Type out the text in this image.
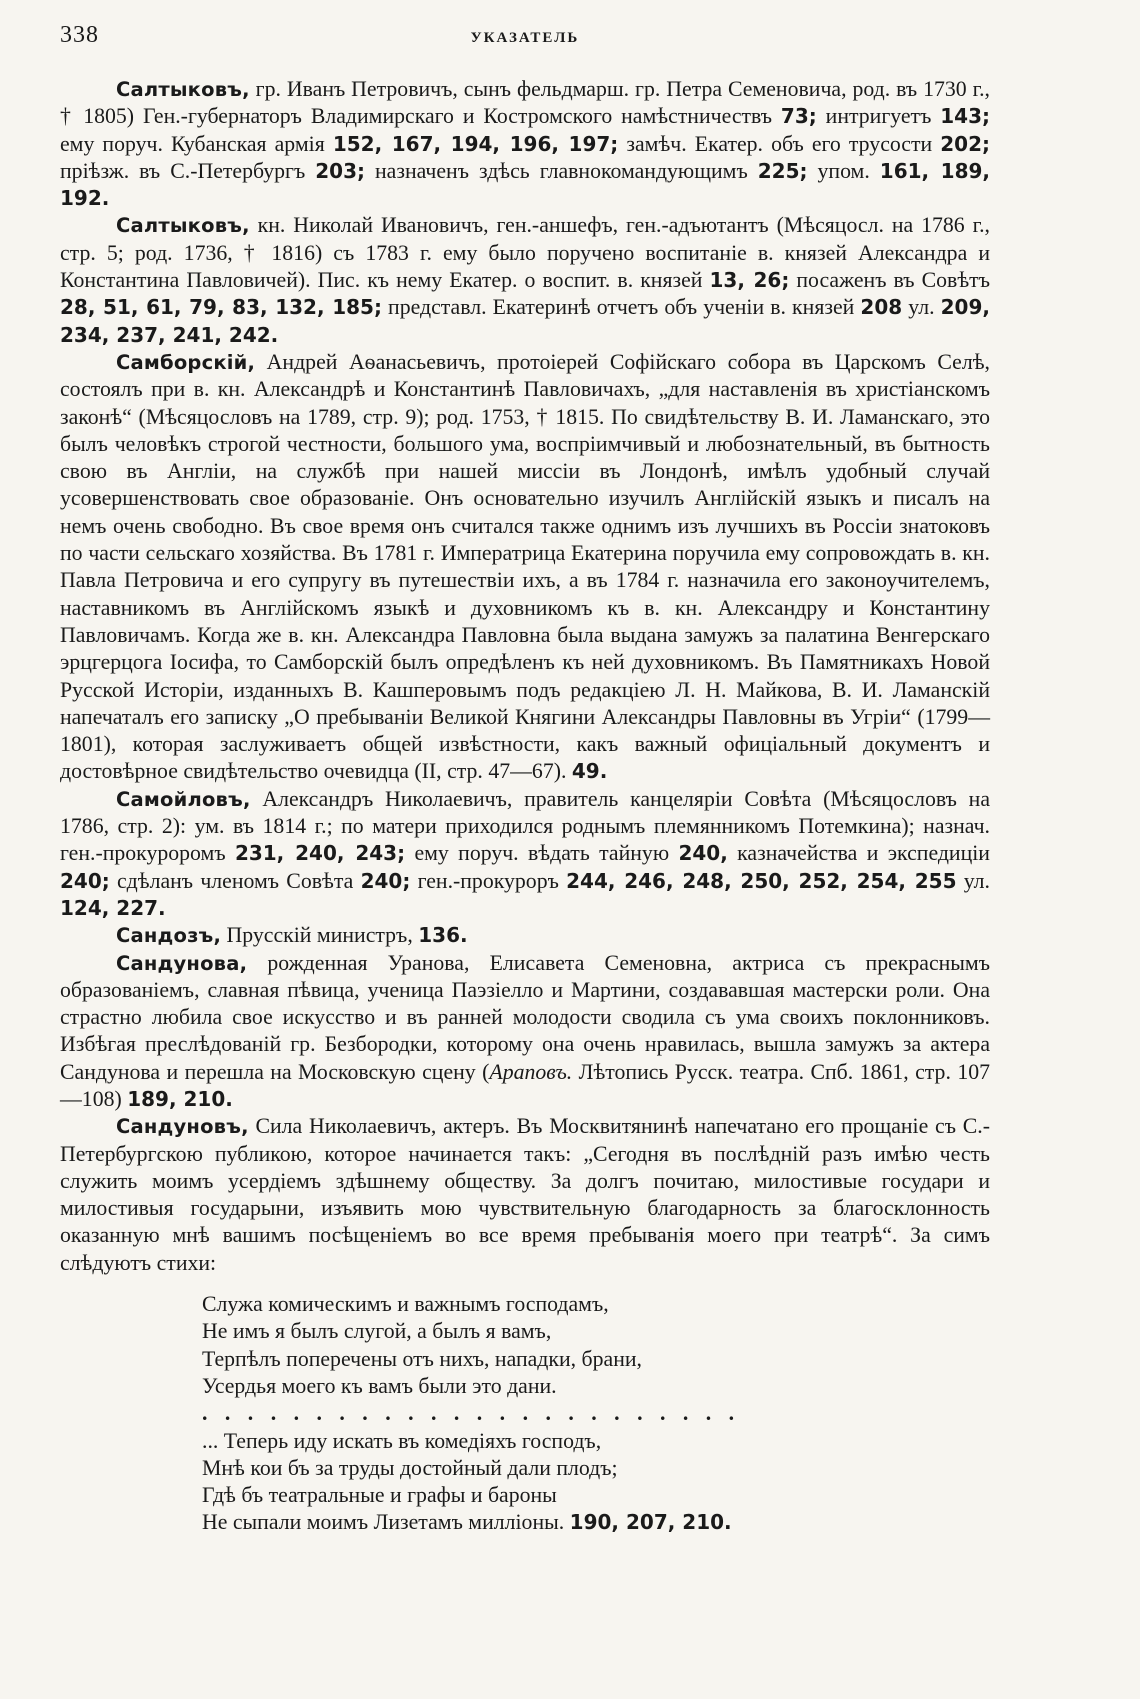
338	УКАЗАТЕЛЬ

Салтыковъ, гр. Иванъ Петровичъ, сынъ фельдмарш. гр. Петра Семеновича, род. въ 1730 г., † 1805) Ген.-губернаторъ Владимирскаго и Костромского намѣстничествъ 73; интригуетъ 143; ему поруч. Кубанская армія 152, 167, 194, 196, 197; замѣч. Екатер. объ его трусости 202; пріѣзж. въ С.-Петербургъ 203; назначенъ здѣсь главнокомандующимъ 225; упом. 161, 189, 192.

Салтыковъ, кн. Николай Ивановичъ, ген.-аншефъ, ген.-адъютантъ (Мѣсяцосл. на 1786 г., стр. 5; род. 1736, † 1816) съ 1783 г. ему было поручено воспитаніе в. князей Александра и Константина Павловичей). Пис. къ нему Екатер. о воспит. в. князей 13, 26; посаженъ въ Совѣтъ 28, 51, 61, 79, 83, 132, 185; представл. Екатеринѣ отчетъ объ ученіи в. князей 208 ул. 209, 234, 237, 241, 242.

Самборскій, Андрей Аѳанасьевичъ, протоіерей Софійскаго собора въ Царскомъ Селѣ, состоялъ при в. кн. Александрѣ и Константинѣ Павловичахъ, „для наставленія въ христіанскомъ законѣ“ (Мѣсяцословъ на 1789, стр. 9); род. 1753, † 1815. По свидѣтельству В. И. Ламанскаго, это былъ человѣкъ строгой честности, большого ума, воспріимчивый и любознательный, въ бытность свою въ Англіи, на службѣ при нашей миссіи въ Лондонѣ, имѣлъ удобный случай усовершенствовать свое образованіе. Онъ основательно изучилъ Англійскій языкъ и писалъ на немъ очень свободно. Въ свое время онъ считался также однимъ изъ лучшихъ въ Россіи знатоковъ по части сельскаго хозяйства. Въ 1781 г. Императрица Екатерина поручила ему сопровождать в. кн. Павла Петровича и его супругу въ путешествіи ихъ, а въ 1784 г. назначила его законоучителемъ, наставникомъ въ Англійскомъ языкѣ и духовникомъ къ в. кн. Александру и Константину Павловичамъ. Когда же в. кн. Александра Павловна была выдана замужъ за палатина Венгерскаго эрцгерцога Іосифа, то Самборскій былъ опредѣленъ къ ней духовникомъ. Въ Памятникахъ Новой Русской Исторіи, изданныхъ В. Кашперовымъ подъ редакціею Л. Н. Майкова, В. И. Ламанскій напечаталъ его записку „О пребываніи Великой Княгини Александры Павловны въ Угріи“ (1799—1801), которая заслуживаетъ общей извѣстности, какъ важный офиціальный документъ и достовѣрное свидѣтельство очевидца (II, стр. 47—67). 49.

Самойловъ, Александръ Николаевичъ, правитель канцеляріи Совѣта (Мѣсяцословъ на 1786, стр. 2): ум. въ 1814 г.; по матери приходился роднымъ племянникомъ Потемкина); назнач. ген.-прокуроромъ 231, 240, 243; ему поруч. вѣдать тайную 240, казначейства и экспедиціи 240; сдѣланъ членомъ Совѣта 240; ген.-прокуроръ 244, 246, 248, 250, 252, 254, 255 ул. 124, 227.

Сандозъ, Прусскій министръ, 136.

Сандунова, рожденная Уранова, Елисавета Семеновна, актриса съ прекраснымъ образованіемъ, славная пѣвица, ученица Паэзіелло и Мартини, создававшая мастерски роли. Она страстно любила свое искусство и въ ранней молодости сводила съ ума своихъ поклонниковъ. Избѣгая преслѣдованій гр. Безбородки, которому она очень нравилась, вышла замужъ за актера Сандунова и перешла на Московскую сцену (Араповъ. Лѣтопись Русск. театра. Спб. 1861, стр. 107—108) 189, 210.

Сандуновъ, Сила Николаевичъ, актеръ. Въ Москвитянинѣ напечатано его прощаніе съ С.-Петербургскою публикою, которое начинается такъ: „Сегодня въ послѣдній разъ имѣю честь служить моимъ усердіемъ здѣшнему обществу. За долгъ почитаю, милостивые государи и милостивыя государыни, изъявить мою чувствительную благодарность за благосклонность оказанную мнѣ вашимъ посѣщеніемъ во все время пребыванія моего при театрѣ“. За симъ слѣдуютъ стихи:

Служа комическимъ и важнымъ господамъ,
Не имъ я былъ слугой, а былъ я вамъ,
Терпѣлъ поперечены отъ нихъ, нападки, брани,
Усердья моего къ вамъ были это дани.
. . . . . . . . . . . . . . . . . . . . . . . .
... Теперь иду искать въ комедіяхъ господъ,
Мнѣ кои бъ за труды достойный дали плодъ;
Гдѣ бъ театральные и графы и бароны
Не сыпали моимъ Лизетамъ милліоны. 190, 207, 210.
